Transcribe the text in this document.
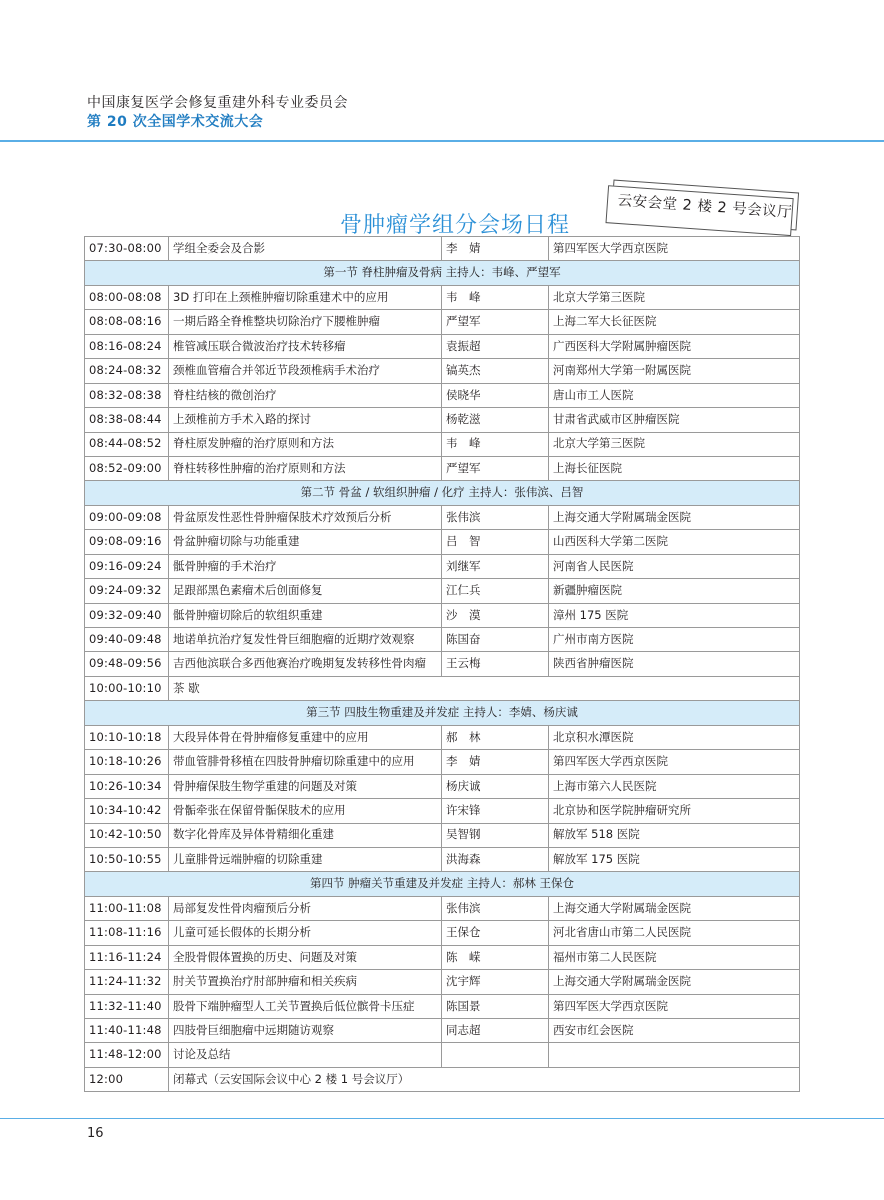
中国康复医学会修复重建外科专业委员会
第 20 次全国学术交流大会
云安会堂 2 楼 2 号会议厅
骨肿瘤学组分会场日程
07:30-08:00	学组全委会及合影	李　婧	第四军医大学西京医院
第一节 脊柱肿瘤及骨病 主持人：韦峰、严望军			
08:00-08:08	3D 打印在上颈椎肿瘤切除重建术中的应用	韦　峰	北京大学第三医院
08:08-08:16	一期后路全脊椎整块切除治疗下腰椎肿瘤	严望军	上海二军大长征医院
08:16-08:24	椎管减压联合微波治疗技术转移瘤	袁振超	广西医科大学附属肿瘤医院
08:24-08:32	颈椎血管瘤合并邻近节段颈椎病手术治疗	镐英杰	河南郑州大学第一附属医院
08:32-08:38	脊柱结核的微创治疗	侯晓华	唐山市工人医院
08:38-08:44	上颈椎前方手术入路的探讨	杨乾滋	甘肃省武威市区肿瘤医院
08:44-08:52	脊柱原发肿瘤的治疗原则和方法	韦　峰	北京大学第三医院
08:52-09:00	脊柱转移性肿瘤的治疗原则和方法	严望军	上海长征医院
第二节 骨盆 / 软组织肿瘤 / 化疗 主持人：张伟滨、吕智			
09:00-09:08	骨盆原发性恶性骨肿瘤保肢术疗效预后分析	张伟滨	上海交通大学附属瑞金医院
09:08-09:16	骨盆肿瘤切除与功能重建	吕　智	山西医科大学第二医院
09:16-09:24	骶骨肿瘤的手术治疗	刘继军	河南省人民医院
09:24-09:32	足跟部黑色素瘤术后创面修复	江仁兵	新疆肿瘤医院
09:32-09:40	骶骨肿瘤切除后的软组织重建	沙　漠	漳州 175 医院
09:40-09:48	地诺单抗治疗复发性骨巨细胞瘤的近期疗效观察	陈国奋	广州市南方医院
09:48-09:56	吉西他滨联合多西他赛治疗晚期复发转移性骨肉瘤	王云梅	陕西省肿瘤医院
10:00-10:10	茶 歇		
第三节 四肢生物重建及并发症 主持人：李婧、杨庆诚			
10:10-10:18	大段异体骨在骨肿瘤修复重建中的应用	郝　林	北京积水潭医院
10:18-10:26	带血管腓骨移植在四肢骨肿瘤切除重建中的应用	李　婧	第四军医大学西京医院
10:26-10:34	骨肿瘤保肢生物学重建的问题及对策	杨庆诚	上海市第六人民医院
10:34-10:42	骨骺牵张在保留骨骺保肢术的应用	许宋锋	北京协和医学院肿瘤研究所
10:42-10:50	数字化骨库及异体骨精细化重建	吴智钢	解放军 518 医院
10:50-10:55	儿童腓骨远端肿瘤的切除重建	洪海森	解放军 175 医院
第四节 肿瘤关节重建及并发症 主持人：郝林 王保仓			
11:00-11:08	局部复发性骨肉瘤预后分析	张伟滨	上海交通大学附属瑞金医院
11:08-11:16	儿童可延长假体的长期分析	王保仓	河北省唐山市第二人民医院
11:16-11:24	全股骨假体置换的历史、问题及对策	陈　嵘	福州市第二人民医院
11:24-11:32	肘关节置换治疗肘部肿瘤和相关疾病	沈宇辉	上海交通大学附属瑞金医院
11:32-11:40	股骨下端肿瘤型人工关节置换后低位髌骨卡压症	陈国景	第四军医大学西京医院
11:40-11:48	四肢骨巨细胞瘤中远期随访观察	同志超	西安市红会医院
11:48-12:00	讨论及总结		
12:00	闭幕式（云安国际会议中心 2 楼 1 号会议厅）		
16
